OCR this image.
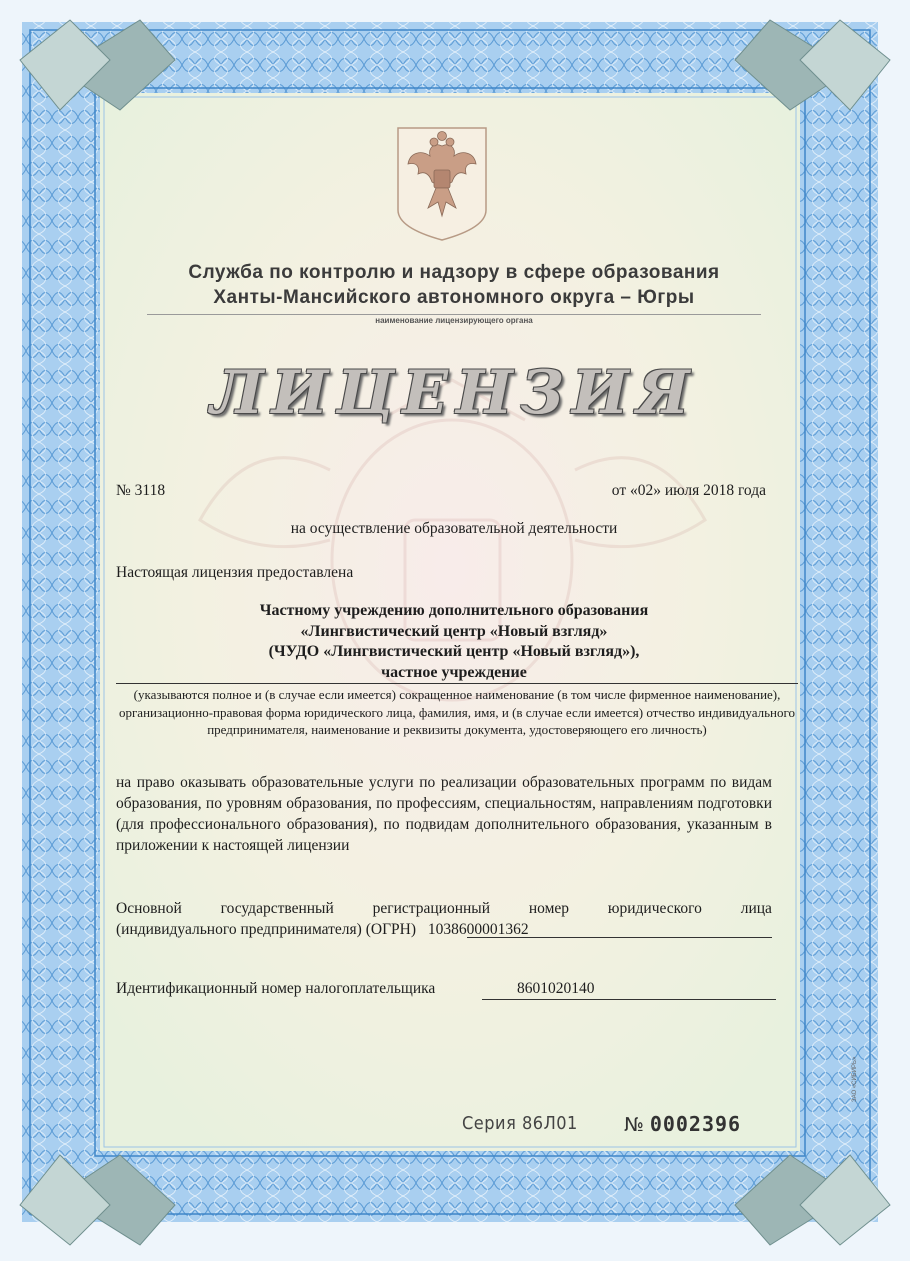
Служба по контролю и надзору в сфере образования
Ханты-Мансийского автономного округа – Югры
наименование лицензирующего органа
ЛИЦЕНЗИЯ
№ 3118	от «02» июля 2018 года
на осуществление образовательной деятельности
Настоящая лицензия предоставлена
Частному учреждению дополнительного образования
«Лингвистический центр «Новый взгляд»
(ЧУДО «Лингвистический центр «Новый взгляд»),
частное учреждение
(указываются полное и (в случае если имеется) сокращенное наименование (в том числе фирменное наименование), организационно-правовая форма юридического лица, фамилия, имя, и (в случае если имеется) отчество индивидуального предпринимателя, наименование и реквизиты документа, удостоверяющего его личность)
на право оказывать образовательные услуги по реализации образовательных программ по видам образования, по уровням образования, по профессиям, специальностям, направлениям подготовки (для профессионального образования), по подвидам дополнительного образования, указанным в приложении к настоящей лицензии
Основной	государственный	регистрационный	номер	юридического	лица
(индивидуального предпринимателя) (ОГРН) 1038600001362
Идентификационный номер налогоплательщика	8601020140
Серия 86Л01 № 0002396
ЗАО «СИБИРЬ»
